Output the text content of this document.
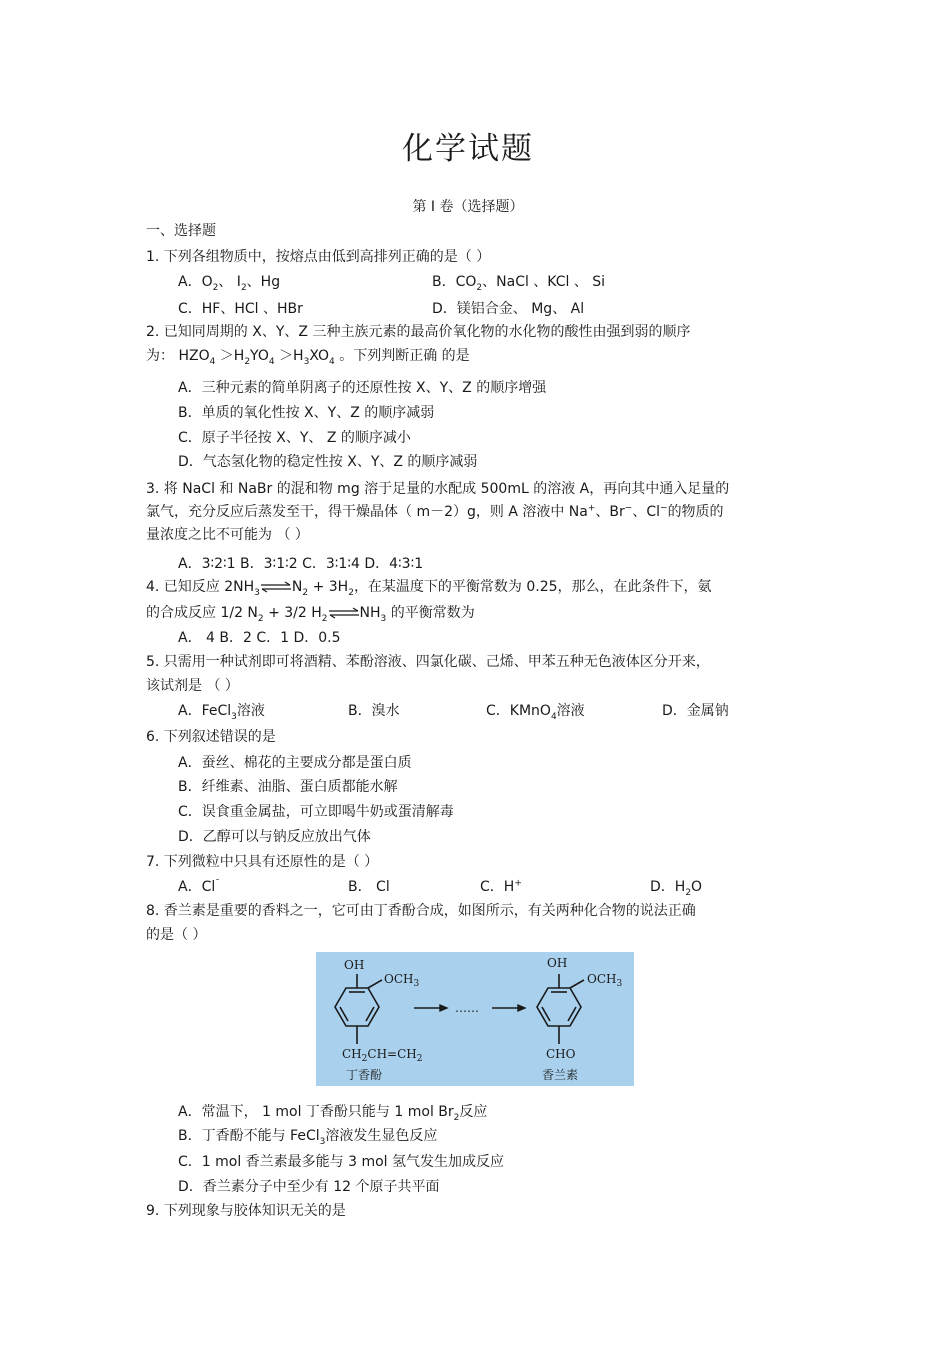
化学试题
第 I 卷（选择题）
一、选择题
1. 下列各组物质中，按熔点由低到高排列正确的是（ ）
A．$O_2$、 $I_2$、Hg	B．$CO_2$、NaCl 、KCl 、 Si
C．HF、HCl 、HBr	D．镁铝合金、 Mg、 Al
2. 已知同周期的 X、Y、Z 三种主族元素的最高价氧化物的水化物的酸性由强到弱的顺序
为： $HZO_4 >H_2YO_4 >H_3XO_4$ 。下列判断正确 的是
A．三种元素的简单阴离子的还原性按 X、Y、Z 的顺序增强
B．单质的氧化性按 X、Y、Z 的顺序减弱
C．原子半径按 X、Y、 Z 的顺序减小
D．气态氢化物的稳定性按 X、Y、Z 的顺序减弱
3. 将 NaCl 和 NaBr 的混和物 mg 溶于足量的水配成 500mL 的溶液 A，再向其中通入足量的
氯气，充分反应后蒸发至干，得干燥晶体（ m－2）g，则 A 溶液中 Na+、Br−、Cl−的物质的
量浓度之比不可能为 （ ）
A．3∶2∶1 B．3∶1∶2 C．3∶1∶4 D．4∶3∶1
4. 已知反应 $2NH_3\rightleftharpoons N_2 + 3H_2$，在某温度下的平衡常数为 0.25，那么，在此条件下，氨
的合成反应 1/2 $N_2 + 3/2$ $H_2\rightleftharpoons NH_3$ 的平衡常数为
A． 4 B．2 C．1 D．0.5
5. 只需用一种试剂即可将酒精、苯酚溶液、四氯化碳、己烯、甲苯五种无色液体区分开来，
该试剂是 （ ）
A．FeCl$_3$溶液	B．溴水	C．KMnO$_4$溶液	D．金属钠
6. 下列叙述错误的是
A．蚕丝、棉花的主要成分都是蛋白质
B．纤维素、油脂、蛋白质都能水解
C．误食重金属盐，可立即喝牛奶或蛋清解毒
D．乙醇可以与钠反应放出气体
7. 下列微粒中只具有还原性的是（ ）
A．Cl¯	B． Cl	C．H+	D．$H_2O$
8. 香兰素是重要的香料之一，它可由丁香酚合成，如图所示，有关两种化合物的说法正确
的是（ ）
OH
$OCH_3$
$CH_2CH=CH_2$
丁香酚
……
OH
$OCH_3$
CHO
香兰素
A．常温下， 1 mol 丁香酚只能与 1 mol $Br_2$反应
B．丁香酚不能与 FeCl$_3$溶液发生显色反应
C．1 mol 香兰素最多能与 3 mol 氢气发生加成反应
D．香兰素分子中至少有 12 个原子共平面
9. 下列现象与胶体知识无关的是
